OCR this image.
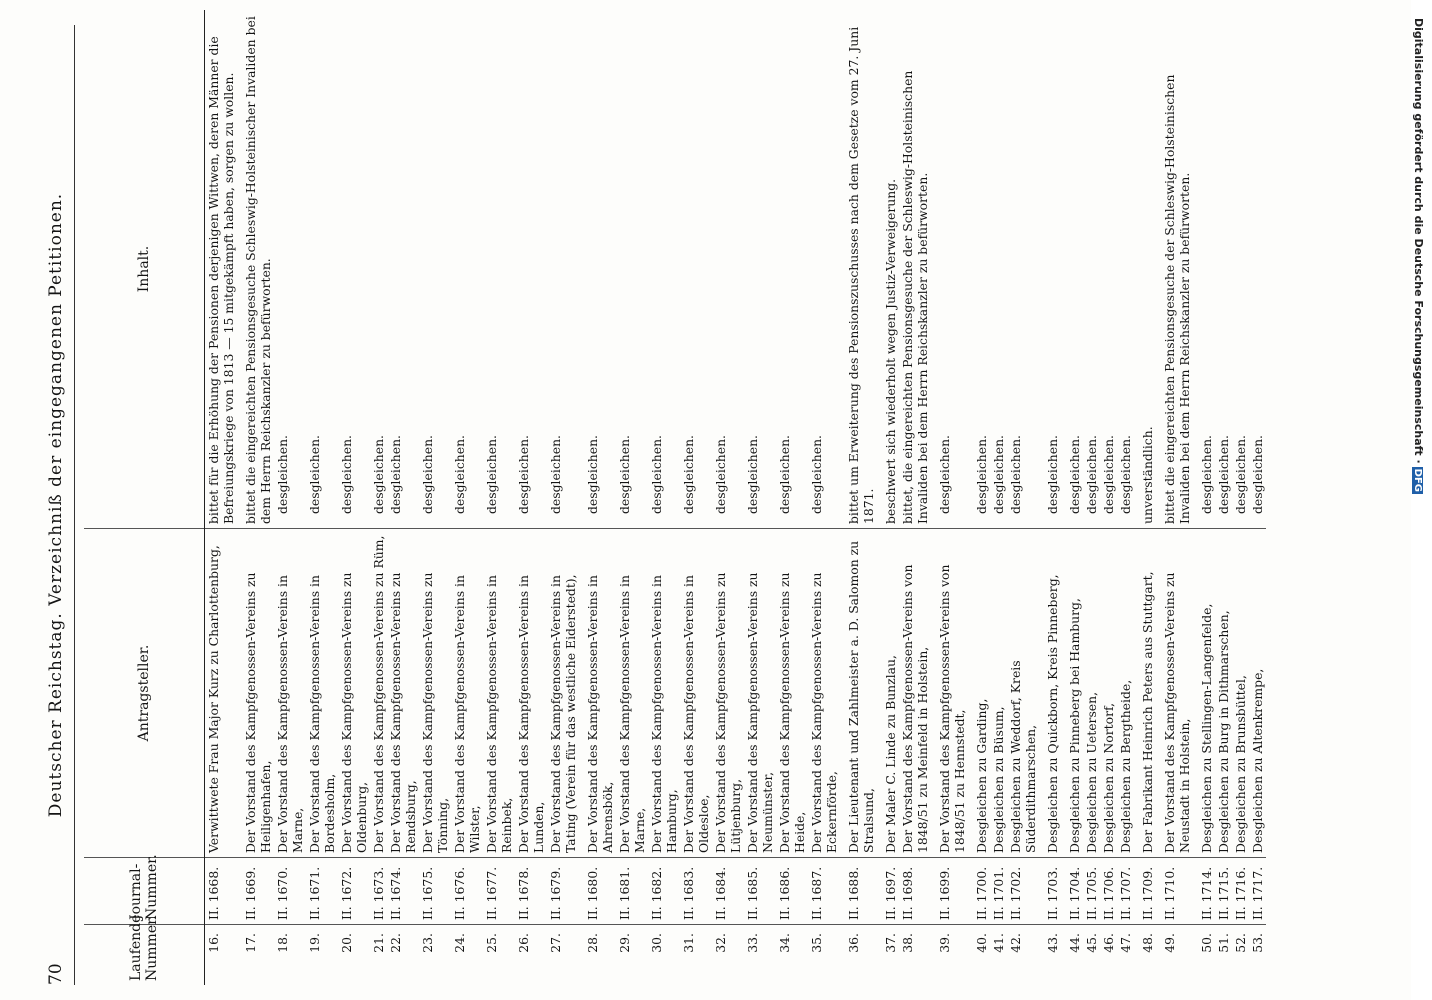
70
Deutscher Reichstag. Verzeichniß der eingegangenen Petitionen.
Laufende Nummer.	Journal-Nummer.	Antragsteller.	Inhalt.
16.	II. 1668.	Verwittwete Frau Major Kurz zu Charlottenburg,	bittet für die Erhöhung der Pensionen derjenigen Wittwen, deren Männer die Befreiungskriege von 1813 — 15 mitgekämpft haben, sorgen zu wollen.
17.	II. 1669.	Der Vorstand des Kampfgenossen-Vereins zu Heiligenhafen,	bittet die eingereichten Pensionsgesuche Schleswig-Holsteinischer Invaliden bei dem Herrn Reichskanzler zu befürworten.
18.	II. 1670.	Der Vorstand des Kampfgenossen-Vereins in Marne,	desgleichen.
19.	II. 1671.	Der Vorstand des Kampfgenossen-Vereins in Bordesholm,	desgleichen.
20.	II. 1672.	Der Vorstand des Kampfgenossen-Vereins zu Oldenburg,	desgleichen.
21.	II. 1673.	Der Vorstand des Kampfgenossen-Vereins zu Rüm,	desgleichen.
22.	II. 1674.	Der Vorstand des Kampfgenossen-Vereins zu Rendsburg,	desgleichen.
23.	II. 1675.	Der Vorstand des Kampfgenossen-Vereins zu Tönning,	desgleichen.
24.	II. 1676.	Der Vorstand des Kampfgenossen-Vereins in Wilster,	desgleichen.
25.	II. 1677.	Der Vorstand des Kampfgenossen-Vereins in Reinbek,	desgleichen.
26.	II. 1678.	Der Vorstand des Kampfgenossen-Vereins in Lunden,	desgleichen.
27.	II. 1679.	Der Vorstand des Kampfgenossen-Vereins in Tating (Verein für das westliche Eiderstedt),	desgleichen.
28.	II. 1680.	Der Vorstand des Kampfgenossen-Vereins in Ahrensbök,	desgleichen.
29.	II. 1681.	Der Vorstand des Kampfgenossen-Vereins in Marne,	desgleichen.
30.	II. 1682.	Der Vorstand des Kampfgenossen-Vereins in Hamburg,	desgleichen.
31.	II. 1683.	Der Vorstand des Kampfgenossen-Vereins in Oldesloe,	desgleichen.
32.	II. 1684.	Der Vorstand des Kampfgenossen-Vereins zu Lütjenburg,	desgleichen.
33.	II. 1685.	Der Vorstand des Kampfgenossen-Vereins zu Neumünster,	desgleichen.
34.	II. 1686.	Der Vorstand des Kampfgenossen-Vereins zu Heide,	desgleichen.
35.	II. 1687.	Der Vorstand des Kampfgenossen-Vereins zu Eckernförde,	desgleichen.
36.	II. 1688.	Der Lieutenant und Zahlmeister a. D. Salomon zu Stralsund,	bittet um Erweiterung des Pensionszuschusses nach dem Gesetze vom 27. Juni 1871.
37.	II. 1697.	Der Maler C. Linde zu Bunzlau,	beschwert sich wiederholt wegen Justiz-Verweigerung.
38.	II. 1698.	Der Vorstand des Kampfgenossen-Vereins von 1848/51 zu Meinfeld in Holstein,	bittet, die eingereichten Pensionsgesuche der Schleswig-Holsteinischen Invaliden bei dem Herrn Reichskanzler zu befürworten.
39.	II. 1699.	Der Vorstand des Kampfgenossen-Vereins von 1848/51 zu Hennstedt,	desgleichen.
40.	II. 1700.	Desgleichen zu Garding,	desgleichen.
41.	II. 1701.	Desgleichen zu Büsum,	desgleichen.
42.	II. 1702.	Desgleichen zu Weddorf, Kreis Süderdithmarschen,	desgleichen.
43.	II. 1703.	Desgleichen zu Quickborn, Kreis Pinneberg,	desgleichen.
44.	II. 1704.	Desgleichen zu Pinneberg bei Hamburg,	desgleichen.
45.	II. 1705.	Desgleichen zu Uetersen,	desgleichen.
46.	II. 1706.	Desgleichen zu Nortorf,	desgleichen.
47.	II. 1707.	Desgleichen zu Bergtheide,	desgleichen.
48.	II. 1709.	Der Fabrikant Heinrich Peters aus Stuttgart,	unverständlich.
49.	II. 1710.	Der Vorstand des Kampfgenossen-Vereins zu Neustadt in Holstein,	bittet die eingereichten Pensionsgesuche der Schleswig-Holsteinischen Invaliden bei dem Herrn Reichskanzler zu befürworten.
50.	II. 1714.	Desgleichen zu Stellingen-Langenfelde,	desgleichen.
51.	II. 1715.	Desgleichen zu Burg in Dithmarschen,	desgleichen.
52.	II. 1716.	Desgleichen zu Brunsbüttel,	desgleichen.
53.	II. 1717.	Desgleichen zu Altenkrempe,	desgleichen.
Digitalisierung gefördert durch die Deutsche Forschungsgemeinschaft ·DFG
